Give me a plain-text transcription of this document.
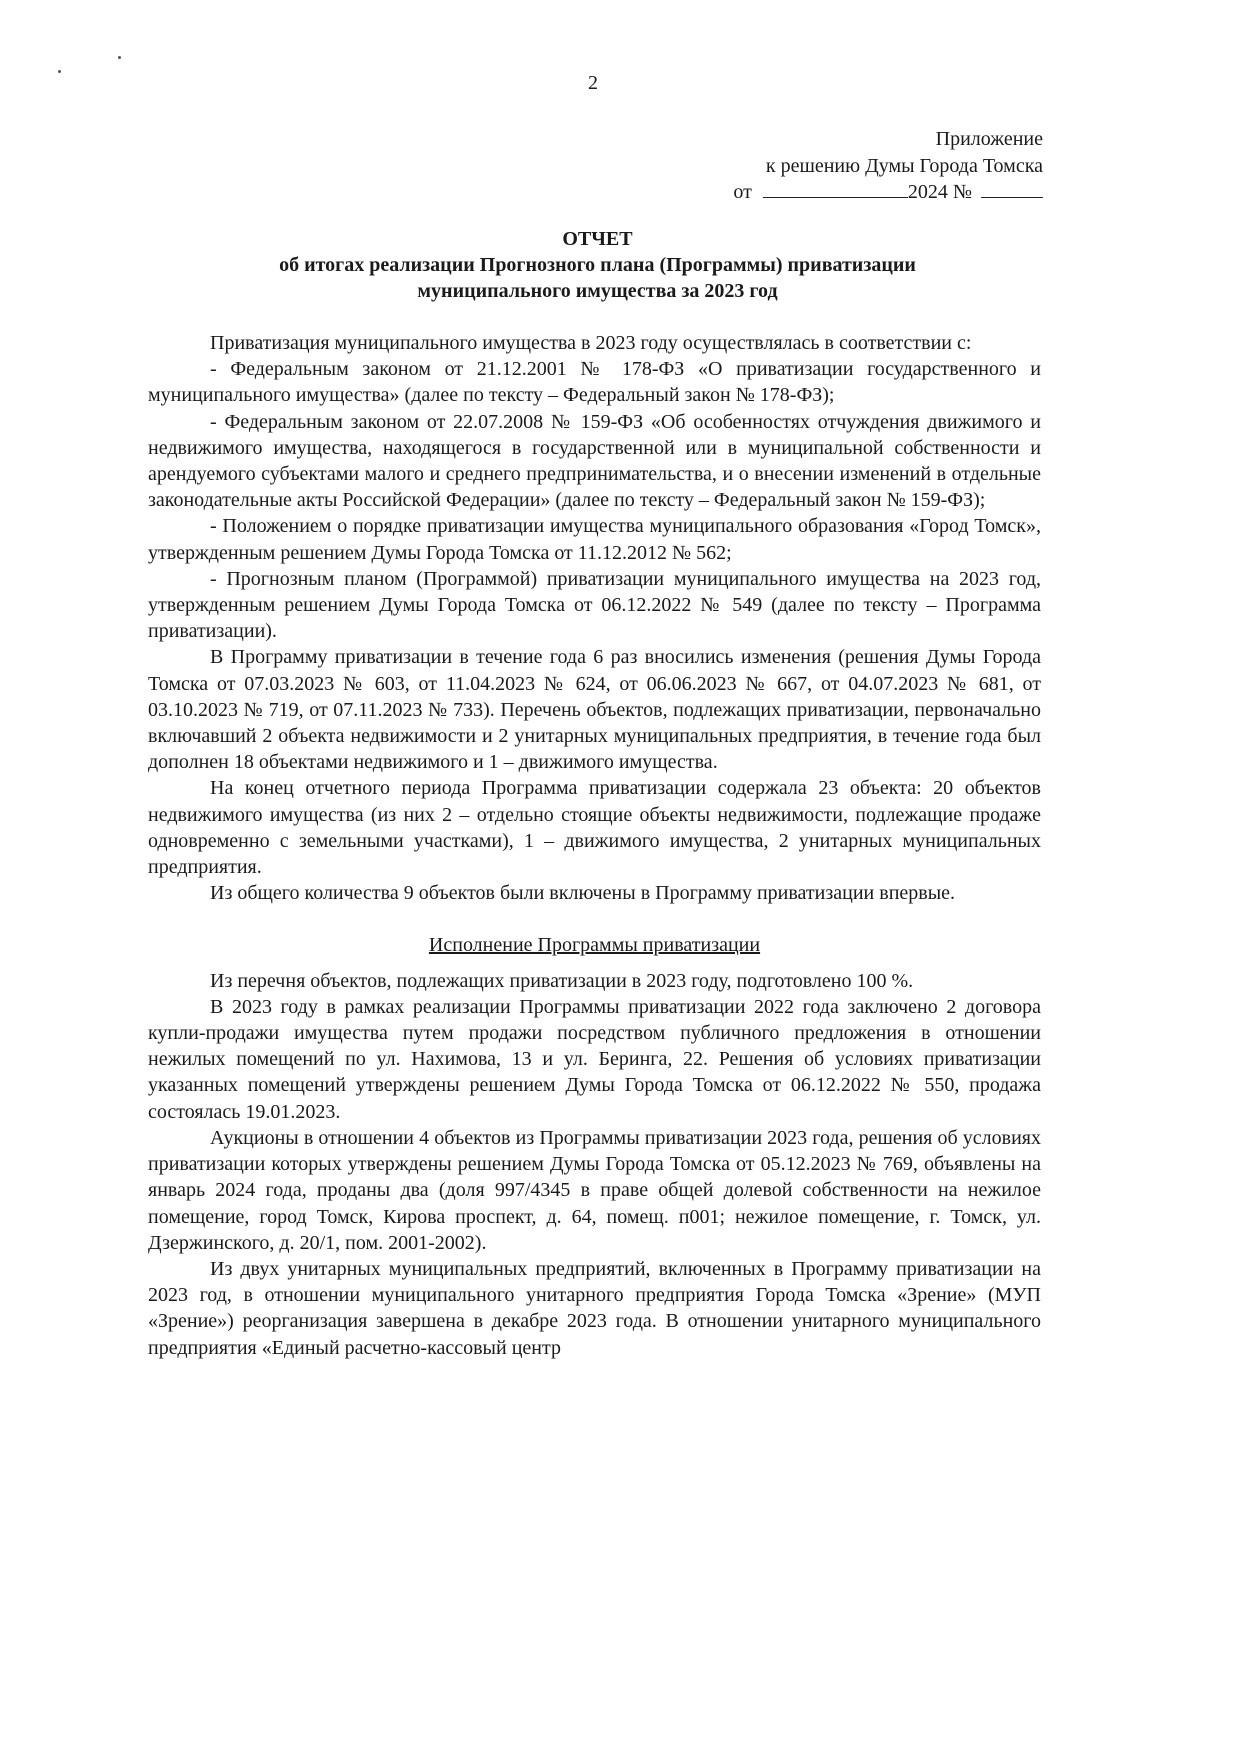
2
Приложение
к решению Думы Города Томска
от	2024 №
ОТЧЕТ
об итогах реализации Прогнозного плана (Программы) приватизации
муниципального имущества за 2023 год

Приватизация муниципального имущества в 2023 году осуществлялась в соответствии с:

- Федеральным законом от 21.12.2001 № 178-ФЗ «О приватизации государственного и муниципального имущества» (далее по тексту – Федеральный закон № 178-ФЗ);

- Федеральным законом от 22.07.2008 № 159-ФЗ «Об особенностях отчуждения движимого и недвижимого имущества, находящегося в государственной или в муниципальной собственности и арендуемого субъектами малого и среднего предпринимательства, и о внесении изменений в отдельные законодательные акты Российской Федерации» (далее по тексту – Федеральный закон № 159-ФЗ);

- Положением о порядке приватизации имущества муниципального образования «Город Томск», утвержденным решением Думы Города Томска от 11.12.2012 № 562;

- Прогнозным планом (Программой) приватизации муниципального имущества на 2023 год, утвержденным решением Думы Города Томска от 06.12.2022 № 549 (далее по тексту – Программа приватизации).

В Программу приватизации в течение года 6 раз вносились изменения (решения Думы Города Томска от 07.03.2023 № 603, от 11.04.2023 № 624, от 06.06.2023 № 667, от 04.07.2023 № 681, от 03.10.2023 № 719, от 07.11.2023 № 733). Перечень объектов, подлежащих приватизации, первоначально включавший 2 объекта недвижимости и 2 унитарных муниципальных предприятия, в течение года был дополнен 18 объектами недвижимого и 1 – движимого имущества.

На конец отчетного периода Программа приватизации содержала 23 объекта: 20 объектов недвижимого имущества (из них 2 – отдельно стоящие объекты недвижимости, подлежащие продаже одновременно с земельными участками), 1 – движимого имущества, 2 унитарных муниципальных предприятия.

Из общего количества 9 объектов были включены в Программу приватизации впервые.

Исполнение Программы приватизации

Из перечня объектов, подлежащих приватизации в 2023 году, подготовлено 100 %.

В 2023 году в рамках реализации Программы приватизации 2022 года заключено 2 договора купли-продажи имущества путем продажи посредством публичного предложения в отношении нежилых помещений по ул. Нахимова, 13 и ул. Беринга, 22. Решения об условиях приватизации указанных помещений утверждены решением Думы Города Томска от 06.12.2022 № 550, продажа состоялась 19.01.2023.

Аукционы в отношении 4 объектов из Программы приватизации 2023 года, решения об условиях приватизации которых утверждены решением Думы Города Томска от 05.12.2023 № 769, объявлены на январь 2024 года, проданы два (доля 997/4345 в праве общей долевой собственности на нежилое помещение, город Томск, Кирова проспект, д. 64, помещ. п001; нежилое помещение, г. Томск, ул. Дзержинского, д. 20/1, пом. 2001-2002).

Из двух унитарных муниципальных предприятий, включенных в Программу приватизации на 2023 год, в отношении муниципального унитарного предприятия Города Томска «Зрение» (МУП «Зрение») реорганизация завершена в декабре 2023 года. В отношении унитарного муниципального предприятия «Единый расчетно-кассовый центр
